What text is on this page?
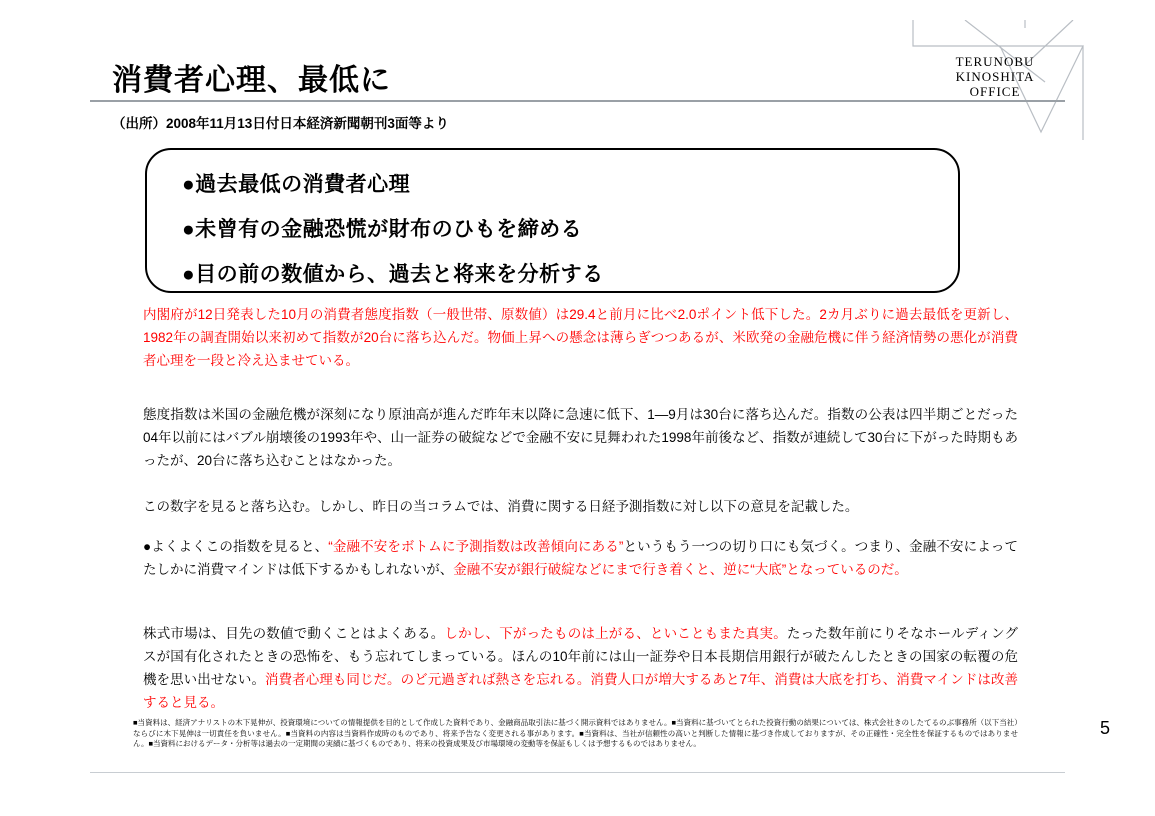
TERUNOBU
KINOSHITA
OFFICE
消費者心理、最低に
（出所）2008年11月13日付日本経済新聞朝刊3面等より
●過去最低の消費者心理
●未曾有の金融恐慌が財布のひもを締める
●目の前の数値から、過去と将来を分析する
内閣府が12日発表した10月の消費者態度指数（一般世帯、原数値）は29.4と前月に比べ2.0ポイント低下した。2カ月ぶりに過去最低を更新し、1982年の調査開始以来初めて指数が20台に落ち込んだ。物価上昇への懸念は薄らぎつつあるが、米欧発の金融危機に伴う経済情勢の悪化が消費者心理を一段と冷え込ませている。
態度指数は米国の金融危機が深刻になり原油高が進んだ昨年末以降に急速に低下、1―9月は30台に落ち込んだ。指数の公表は四半期ごとだった04年以前にはバブル崩壊後の1993年や、山一証券の破綻などで金融不安に見舞われた1998年前後など、指数が連続して30台に下がった時期もあったが、20台に落ち込むことはなかった。
この数字を見ると落ち込む。しかし、昨日の当コラムでは、消費に関する日経予測指数に対し以下の意見を記載した。
●よくよくこの指数を見ると、“金融不安をボトムに予測指数は改善傾向にある”というもう一つの切り口にも気づく。つまり、金融不安によってたしかに消費マインドは低下するかもしれないが、金融不安が銀行破綻などにまで行き着くと、逆に“大底”となっているのだ。
株式市場は、目先の数値で動くことはよくある。しかし、下がったものは上がる、といこともまた真実。たった数年前にりそなホールディングスが国有化されたときの恐怖を、もう忘れてしまっている。ほんの10年前には山一証券や日本長期信用銀行が破たんしたときの国家の転覆の危機を思い出せない。消費者心理も同じだ。のど元過ぎれば熱さを忘れる。消費人口が増大するあと7年、消費は大底を打ち、消費マインドは改善すると見る。
■当資料は、経済アナリストの木下晃伸が、投資環境についての情報提供を目的として作成した資料であり、金融商品取引法に基づく開示資料ではありません。■当資料に基づいてとられた投資行動の結果については、株式会社きのしたてるのぶ事務所（以下当社）ならびに木下晃伸は一切責任を負いません。■当資料の内容は当資料作成時のものであり、将来予告なく変更される事があります。■当資料は、当社が信頼性の高いと判断した情報に基づき作成しておりますが、その正確性・完全性を保証するものではありません。■当資料におけるデータ・分析等は過去の一定期間の実績に基づくものであり、将来の投資成果及び市場環境の変動等を保証もしくは予想するものではありません。
5
